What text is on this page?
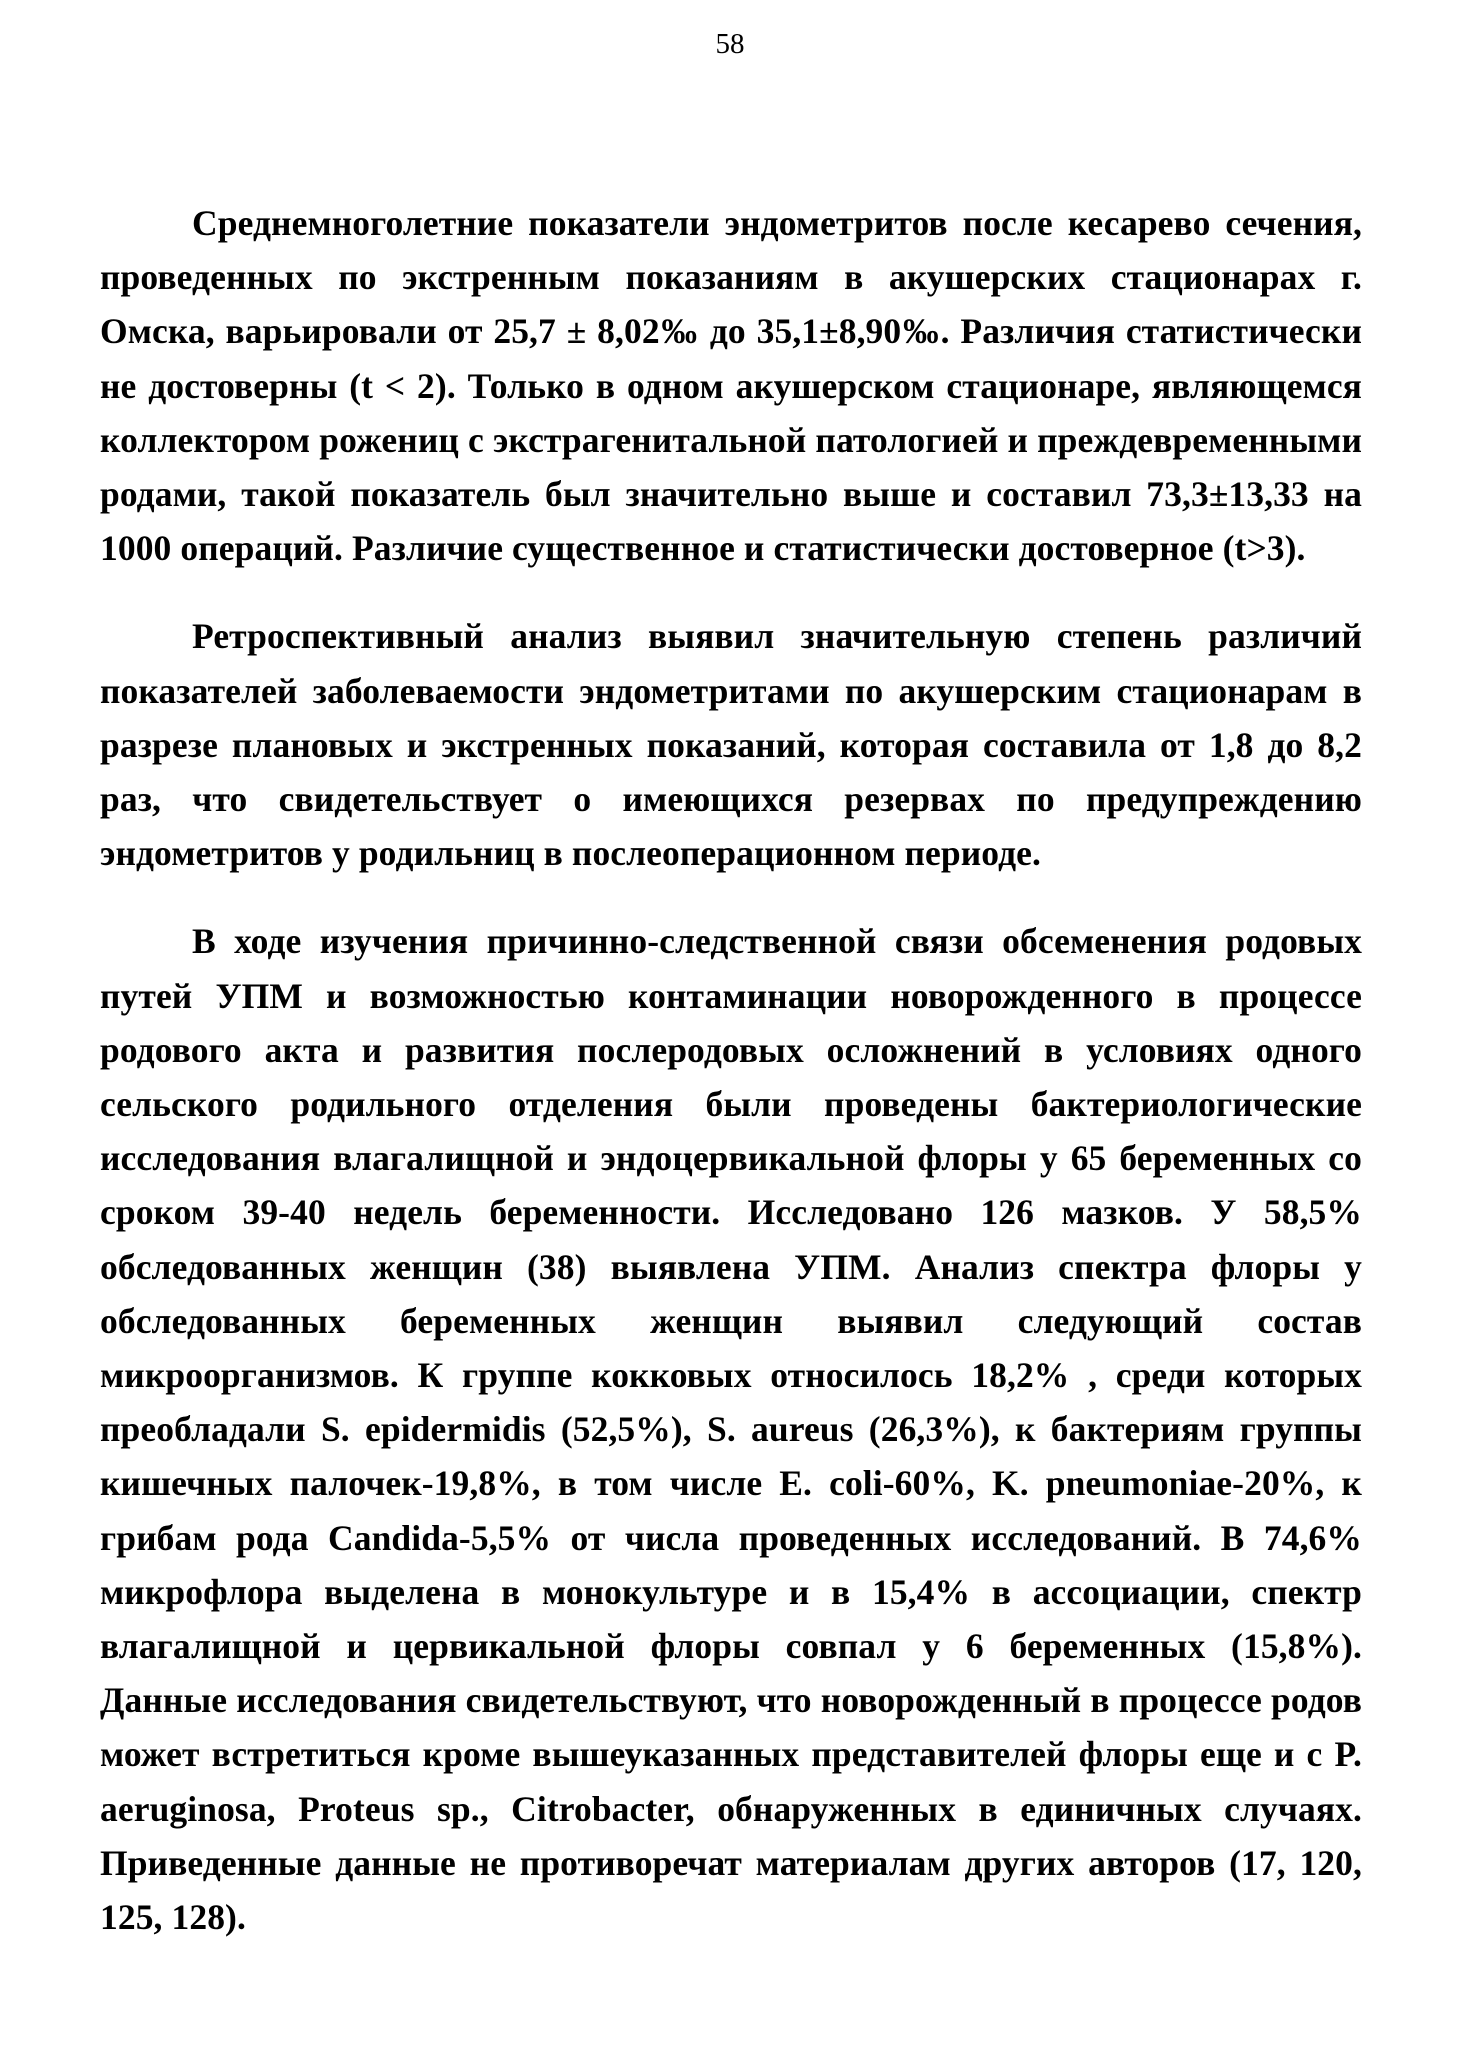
58

Среднемноголетние показатели эндометритов после кесарево сечения, проведенных по экстренным показаниям в акушерских стационарах г. Омска, варьировали от 25,7 ± 8,02‰ до 35,1±8,90‰. Различия статистически не достоверны (t < 2). Только в одном акушерском стационаре, являющемся коллектором рожениц с экстрагенитальной патологией и преждевременными родами, такой показатель был значительно выше и составил 73,3±13,33 на 1000 операций. Различие существенное и статистически достоверное (t>3).

Ретроспективный анализ выявил значительную степень различий показателей заболеваемости эндометритами по акушерским стационарам в разрезе плановых и экстренных показаний, которая составила от 1,8 до 8,2 раз, что свидетельствует о имеющихся резервах по предупреждению эндометритов у родильниц в послеоперационном периоде.

В ходе изучения причинно-следственной связи обсеменения родовых путей УПМ и возможностью контаминации новорожденного в процессе родового акта и развития послеродовых осложнений в условиях одного сельского родильного отделения были проведены бактериологические исследования влагалищной и эндоцервикальной флоры у 65 беременных со сроком 39-40 недель беременности. Исследовано 126 мазков. У 58,5% обследованных женщин (38) выявлена УПМ. Анализ спектра флоры у обследованных беременных женщин выявил следующий состав микроорганизмов. К группе кокковых относилось 18,2% , среди которых преобладали S. epidermidis (52,5%), S. aureus (26,3%), к бактериям группы кишечных палочек-19,8%, в том числе E. coli-60%, K. pneumoniae-20%, к грибам рода Candida-5,5% от числа проведенных исследований. В 74,6% микрофлора выделена в монокультуре и в 15,4% в ассоциации, спектр влагалищной и цервикальной флоры совпал у 6 беременных (15,8%). Данные исследования свидетельствуют, что новорожденный в процессе родов может встретиться кроме вышеуказанных представителей флоры еще и с P. aeruginosa, Proteus sp., Citrobacter, обнаруженных в единичных случаях. Приведенные данные не противоречат материалам других авторов (17, 120, 125, 128).
